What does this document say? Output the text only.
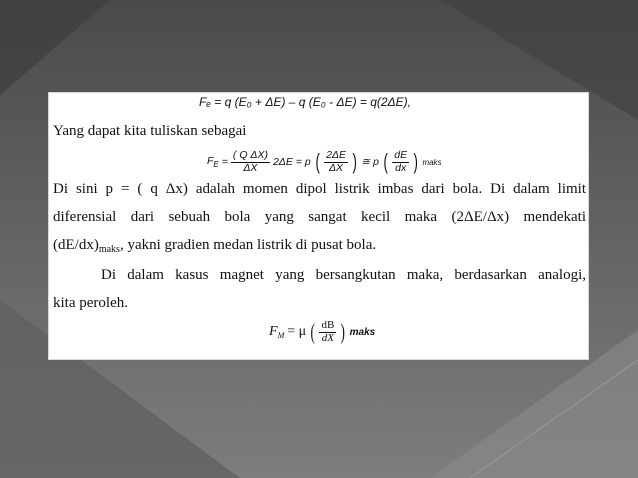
Fₑ = q (E₀ + ΔE) – q (E₀ - ΔE) = q(2ΔE),
Yang dapat kita tuliskan sebagai
$F_E = \frac{\text{( Q ΔX)}}{\Delta X} 2\Delta E = p$ ( $\frac{2\Delta E}{\Delta X}$ ) ≅ p ( $\frac{dE}{dx}$ ) maks
Di sini p = ( q Δx) adalah momen dipol listrik imbas dari bola. Di dalam limit
diferensial dari sebuah bola yang sangat kecil maka (2ΔE/Δx) mendekati
$(dE/dx)_{maks}$, yakni gradien medan listrik di pusat bola.
Di dalam kasus magnet yang bersangkutan maka, berdasarkan analogi,
kita peroleh.
$F_M = \mu$ ( $\frac{dB}{dX}$ ) maks
